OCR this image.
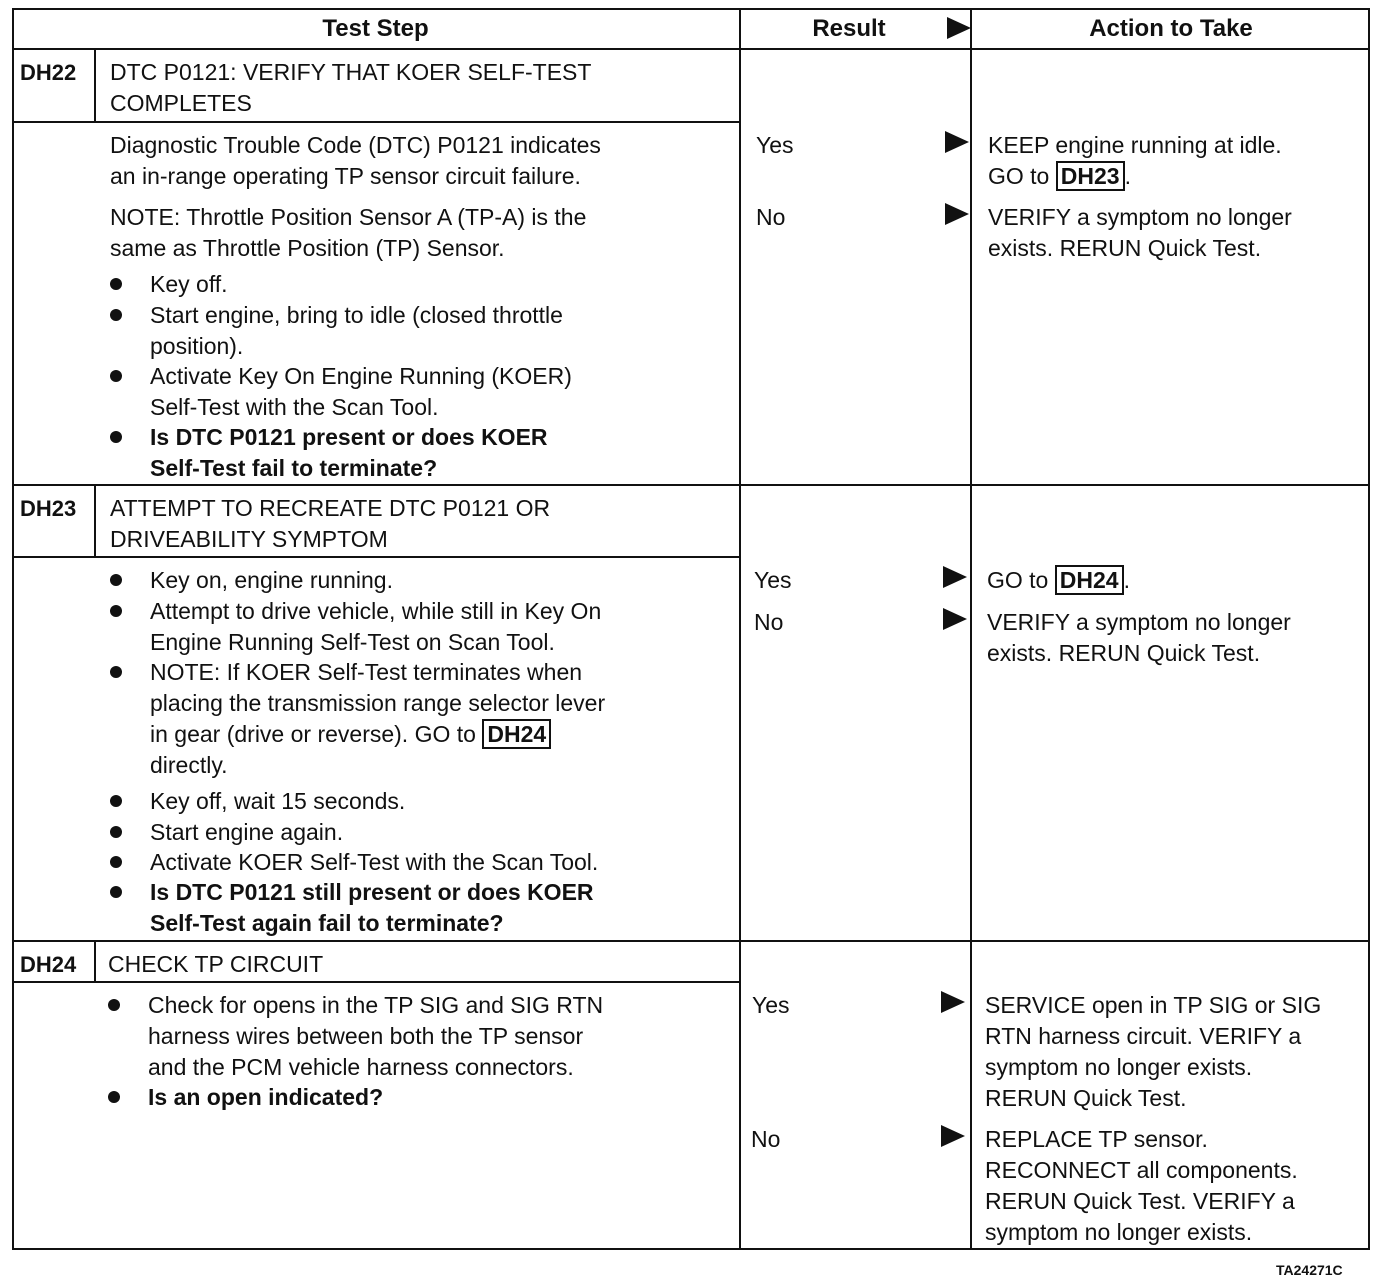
Test Step	Result	Action to Take
DH22 DTC P0121: VERIFY THAT KOER SELF-TEST
COMPLETES
Diagnostic Trouble Code (DTC) P0121 indicates
an in-range operating TP sensor circuit failure.
NOTE: Throttle Position Sensor A (TP-A) is the
same as Throttle Position (TP) Sensor.
Key off.
Start engine, bring to idle (closed throttle
position).
Activate Key On Engine Running (KOER)
Self-Test with the Scan Tool.
Is DTC P0121 present or does KOER
Self-Test fail to terminate?
Yes	KEEP engine running at idle.
GO to DH23 .
No	VERIFY a symptom no longer
exists. RERUN Quick Test.
DH23 ATTEMPT TO RECREATE DTC P0121 OR
DRIVEABILITY SYMPTOM
Key on, engine running.
Attempt to drive vehicle, while still in Key On
Engine Running Self-Test on Scan Tool.
NOTE: If KOER Self-Test terminates when
placing the transmission range selector lever
in gear (drive or reverse). GO to DH24
directly.
Key off, wait 15 seconds.
Start engine again.
Activate KOER Self-Test with the Scan Tool.
Is DTC P0121 still present or does KOER
Self-Test again fail to terminate?
Yes	GO to DH24 .
No	VERIFY a symptom no longer
exists. RERUN Quick Test.
DH24 CHECK TP CIRCUIT
Check for opens in the TP SIG and SIG RTN
harness wires between both the TP sensor
and the PCM vehicle harness connectors.
Is an open indicated?
Yes	SERVICE open in TP SIG or SIG
RTN harness circuit. VERIFY a
symptom no longer exists.
RERUN Quick Test.
No	REPLACE TP sensor.
RECONNECT all components.
RERUN Quick Test. VERIFY a
symptom no longer exists.
TA24271C
